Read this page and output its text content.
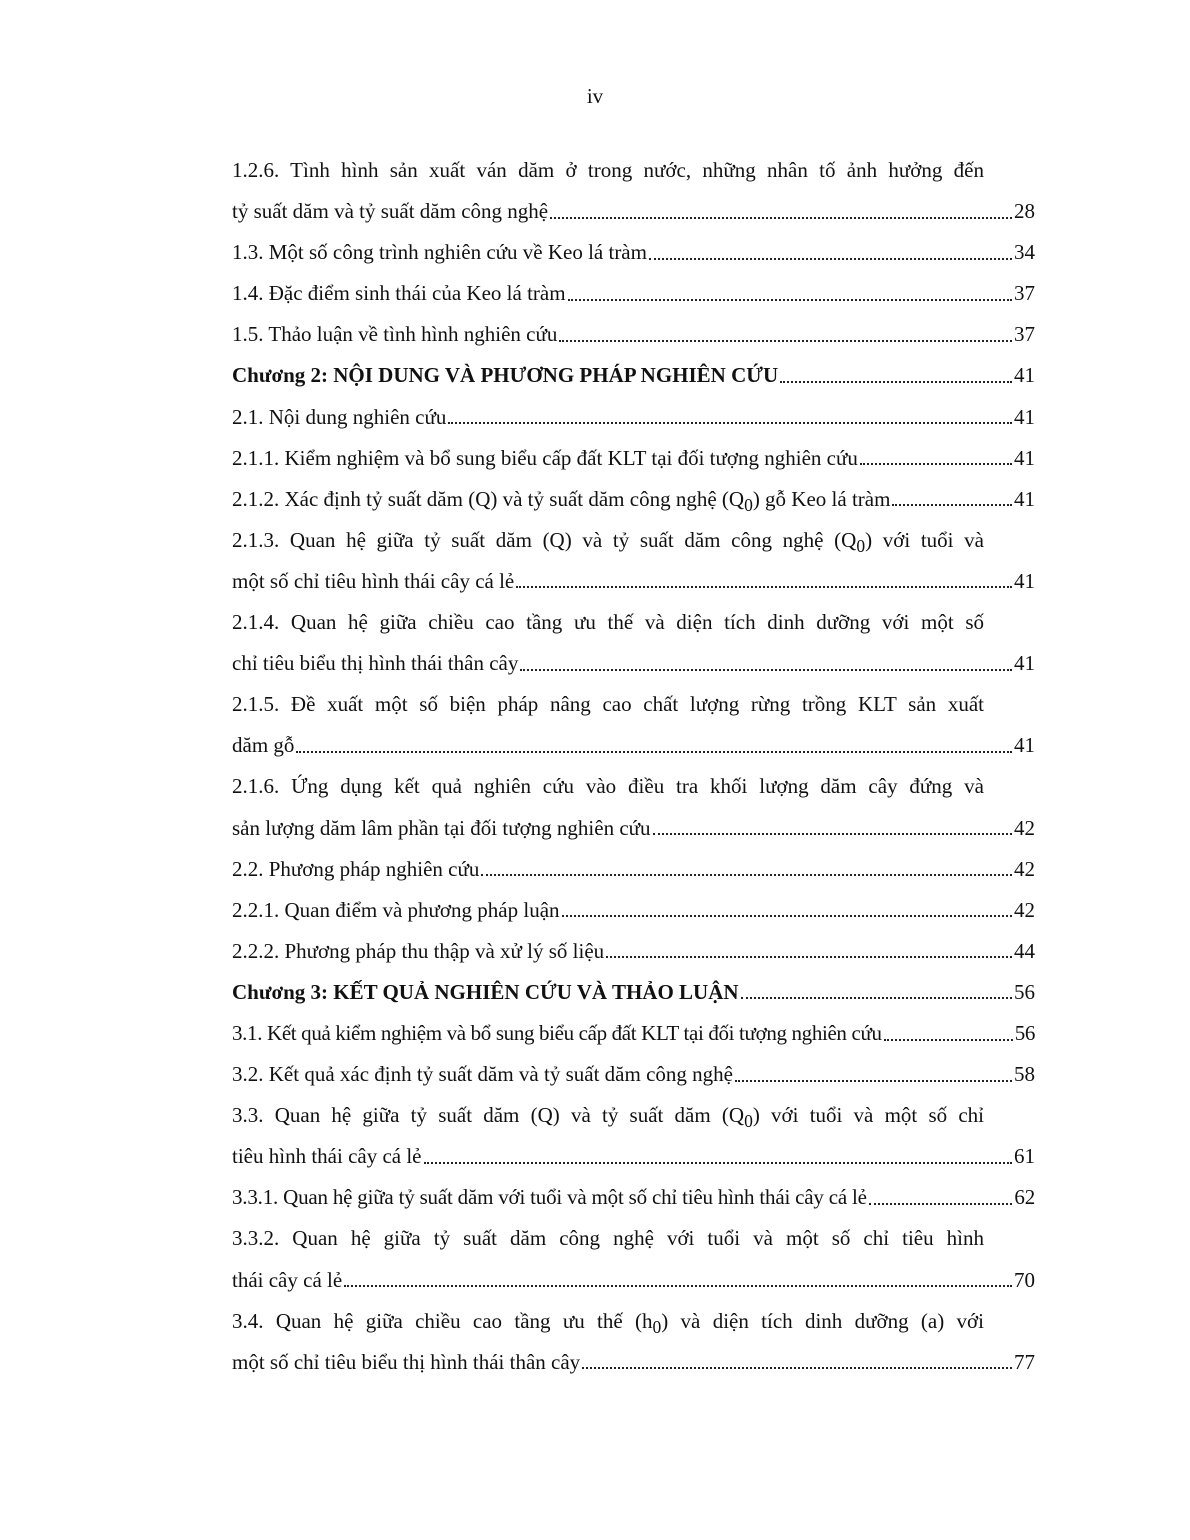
iv
1.2.6. Tình hình sản xuất ván dăm ở trong nước, những nhân tố ảnh hưởng đến
tỷ suất dăm và tỷ suất dăm công nghệ	28
1.3. Một số công trình nghiên cứu về Keo lá tràm	34
1.4. Đặc điểm sinh thái của Keo lá tràm	37
1.5. Thảo luận về tình hình nghiên cứu	37
Chương 2: NỘI DUNG VÀ PHƯƠNG PHÁP NGHIÊN CỨU	41
2.1. Nội dung nghiên cứu	41
2.1.1. Kiểm nghiệm và bổ sung biểu cấp đất KLT tại đối tượng nghiên cứu	41
2.1.2. Xác định tỷ suất dăm (Q) và tỷ suất dăm công nghệ $(Q_0)$ gỗ Keo lá tràm	41
2.1.3. Quan hệ giữa tỷ suất dăm (Q) và tỷ suất dăm công nghệ $(Q_0)$ với tuổi và
một số chỉ tiêu hình thái cây cá lẻ	41
2.1.4. Quan hệ giữa chiều cao tầng ưu thế và diện tích dinh dưỡng với một số
chỉ tiêu biểu thị hình thái thân cây	41
2.1.5. Đề xuất một số biện pháp nâng cao chất lượng rừng trồng KLT sản xuất
dăm gỗ	41
2.1.6. Ứng dụng kết quả nghiên cứu vào điều tra khối lượng dăm cây đứng và
sản lượng dăm lâm phần tại đối tượng nghiên cứu	42
2.2. Phương pháp nghiên cứu	42
2.2.1. Quan điểm và phương pháp luận	42
2.2.2. Phương pháp thu thập và xử lý số liệu	44
Chương 3: KẾT QUẢ NGHIÊN CỨU VÀ THẢO LUẬN	56
3.1. Kết quả kiểm nghiệm và bổ sung biểu cấp đất KLT tại đối tượng nghiên cứu	56
3.2. Kết quả xác định tỷ suất dăm và tỷ suất dăm công nghệ	58
3.3. Quan hệ giữa tỷ suất dăm (Q) và tỷ suất dăm $(Q_0)$ với tuổi và một số chỉ
tiêu hình thái cây cá lẻ	61
3.3.1. Quan hệ giữa tỷ suất dăm với tuổi và một số chỉ tiêu hình thái cây cá lẻ	62
3.3.2. Quan hệ giữa tỷ suất dăm công nghệ với tuổi và một số chỉ tiêu hình
thái cây cá lẻ	70
3.4. Quan hệ giữa chiều cao tầng ưu thế $(h_0)$ và diện tích dinh dưỡng (a) với
một số chỉ tiêu biểu thị hình thái thân cây	77
